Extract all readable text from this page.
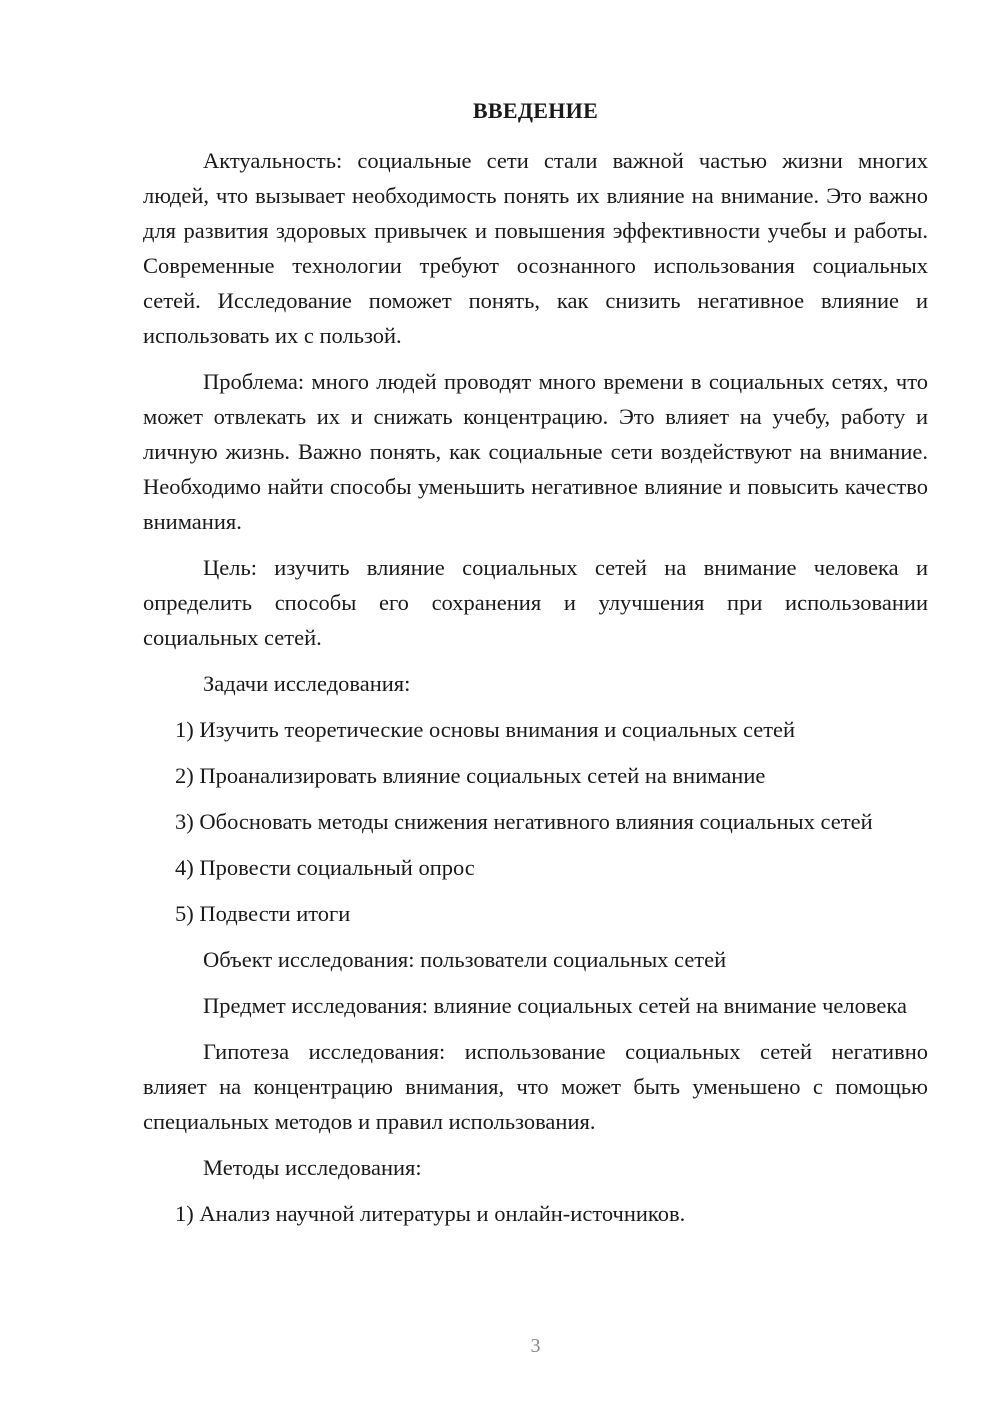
ВВЕДЕНИЕ

Актуальность: социальные сети стали важной частью жизни многих людей, что вызывает необходимость понять их влияние на внимание. Это важно для развития здоровых привычек и повышения эффективности учебы и работы. Современные технологии требуют осознанного использования социальных сетей. Исследование поможет понять, как снизить негативное влияние и использовать их с пользой.

Проблема: много людей проводят много времени в социальных сетях, что может отвлекать их и снижать концентрацию. Это влияет на учебу, работу и личную жизнь. Важно понять, как социальные сети воздействуют на внимание. Необходимо найти способы уменьшить негативное влияние и повысить качество внимания.

Цель: изучить влияние социальных сетей на внимание человека и определить способы его сохранения и улучшения при использовании социальных сетей.

Задачи исследования:

1) Изучить теоретические основы внимания и социальных сетей

2) Проанализировать влияние социальных сетей на внимание

3) Обосновать методы снижения негативного влияния социальных сетей

4) Провести социальный опрос

5) Подвести итоги

Объект исследования: пользователи социальных сетей

Предмет исследования: влияние социальных сетей на внимание человека

Гипотеза исследования: использование социальных сетей негативно влияет на концентрацию внимания, что может быть уменьшено с помощью специальных методов и правил использования.

Методы исследования:

1) Анализ научной литературы и онлайн-источников.

3
